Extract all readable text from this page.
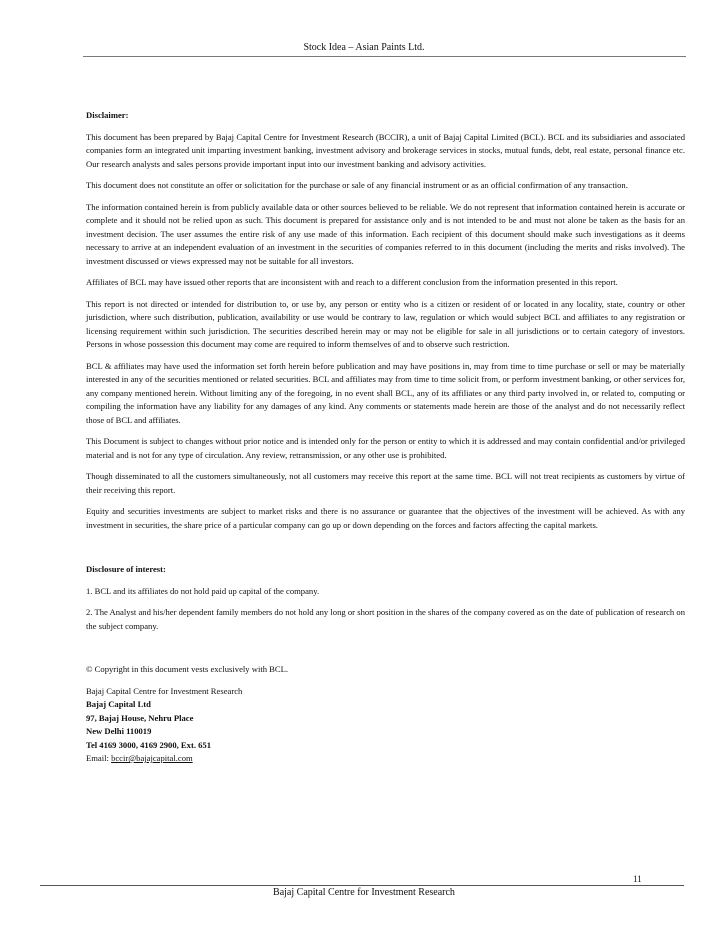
Stock Idea – Asian Paints Ltd.

Disclaimer:

This document has been prepared by Bajaj Capital Centre for Investment Research (BCCIR), a unit of Bajaj Capital Limited (BCL). BCL and its subsidiaries and associated companies form an integrated unit imparting investment banking, investment advisory and brokerage services in stocks, mutual funds, debt, real estate, personal finance etc. Our research analysts and sales persons provide important input into our investment banking and advisory activities.

This document does not constitute an offer or solicitation for the purchase or sale of any financial instrument or as an official confirmation of any transaction.

The information contained herein is from publicly available data or other sources believed to be reliable. We do not represent that information contained herein is accurate or complete and it should not be relied upon as such. This document is prepared for assistance only and is not intended to be and must not alone be taken as the basis for an investment decision. The user assumes the entire risk of any use made of this information. Each recipient of this document should make such investigations as it deems necessary to arrive at an independent evaluation of an investment in the securities of companies referred to in this document (including the merits and risks involved). The investment discussed or views expressed may not be suitable for all investors.

Affiliates of BCL may have issued other reports that are inconsistent with and reach to a different conclusion from the information presented in this report.

This report is not directed or intended for distribution to, or use by, any person or entity who is a citizen or resident of or located in any locality, state, country or other jurisdiction, where such distribution, publication, availability or use would be contrary to law, regulation or which would subject BCL and affiliates to any registration or licensing requirement within such jurisdiction. The securities described herein may or may not be eligible for sale in all jurisdictions or to certain category of investors. Persons in whose possession this document may come are required to inform themselves of and to observe such restriction.

BCL & affiliates may have used the information set forth herein before publication and may have positions in, may from time to time purchase or sell or may be materially interested in any of the securities mentioned or related securities. BCL and affiliates may from time to time solicit from, or perform investment banking, or other services for, any company mentioned herein. Without limiting any of the foregoing, in no event shall BCL, any of its affiliates or any third party involved in, or related to, computing or compiling the information have any liability for any damages of any kind. Any comments or statements made herein are those of the analyst and do not necessarily reflect those of BCL and affiliates.

This Document is subject to changes without prior notice and is intended only for the person or entity to which it is addressed and may contain confidential and/or privileged material and is not for any type of circulation. Any review, retransmission, or any other use is prohibited.

Though disseminated to all the customers simultaneously, not all customers may receive this report at the same time. BCL will not treat recipients as customers by virtue of their receiving this report.

Equity and securities investments are subject to market risks and there is no assurance or guarantee that the objectives of the investment will be achieved. As with any investment in securities, the share price of a particular company can go up or down depending on the forces and factors affecting the capital markets.

Disclosure of interest:

1. BCL and its affiliates do not hold paid up capital of the company.

2. The Analyst and his/her dependent family members do not hold any long or short position in the shares of the company covered as on the date of publication of research on the subject company.

© Copyright in this document vests exclusively with BCL.

Bajaj Capital Centre for Investment Research
Bajaj Capital Ltd
97, Bajaj House, Nehru Place
New Delhi 110019
Tel 4169 3000, 4169 2900, Ext. 651
Email: bccir@bajajcapital.com
11
Bajaj Capital Centre for Investment Research
